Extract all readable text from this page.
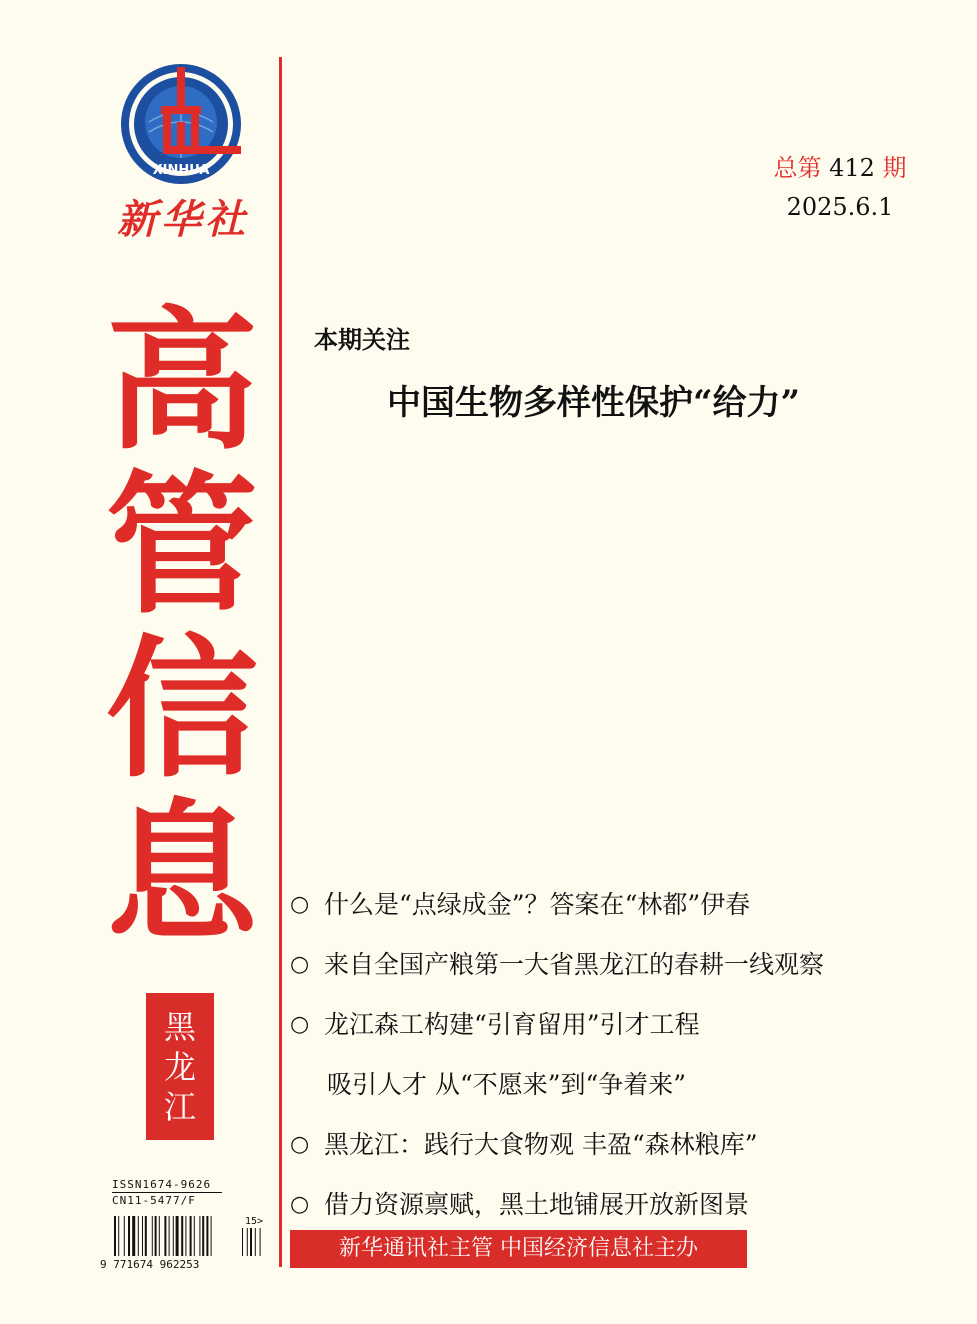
XINHUA
新华社
高
管
信
息
黑
龙
江
ISSN1674-9626
CN11-5477/F
9 771674 962253
15>
总第 412 期
2025.6.1
本期关注
中国生物多样性保护“给力”
○ 什么是“点绿成金”？答案在“林都”伊春
○ 来自全国产粮第一大省黑龙江的春耕一线观察
○ 龙江森工构建“引育留用”引才工程
吸引人才 从“不愿来”到“争着来”
○ 黑龙江：践行大食物观 丰盈“森林粮库”
○ 借力资源禀赋，黑土地铺展开放新图景
新华通讯社主管 中国经济信息社主办
